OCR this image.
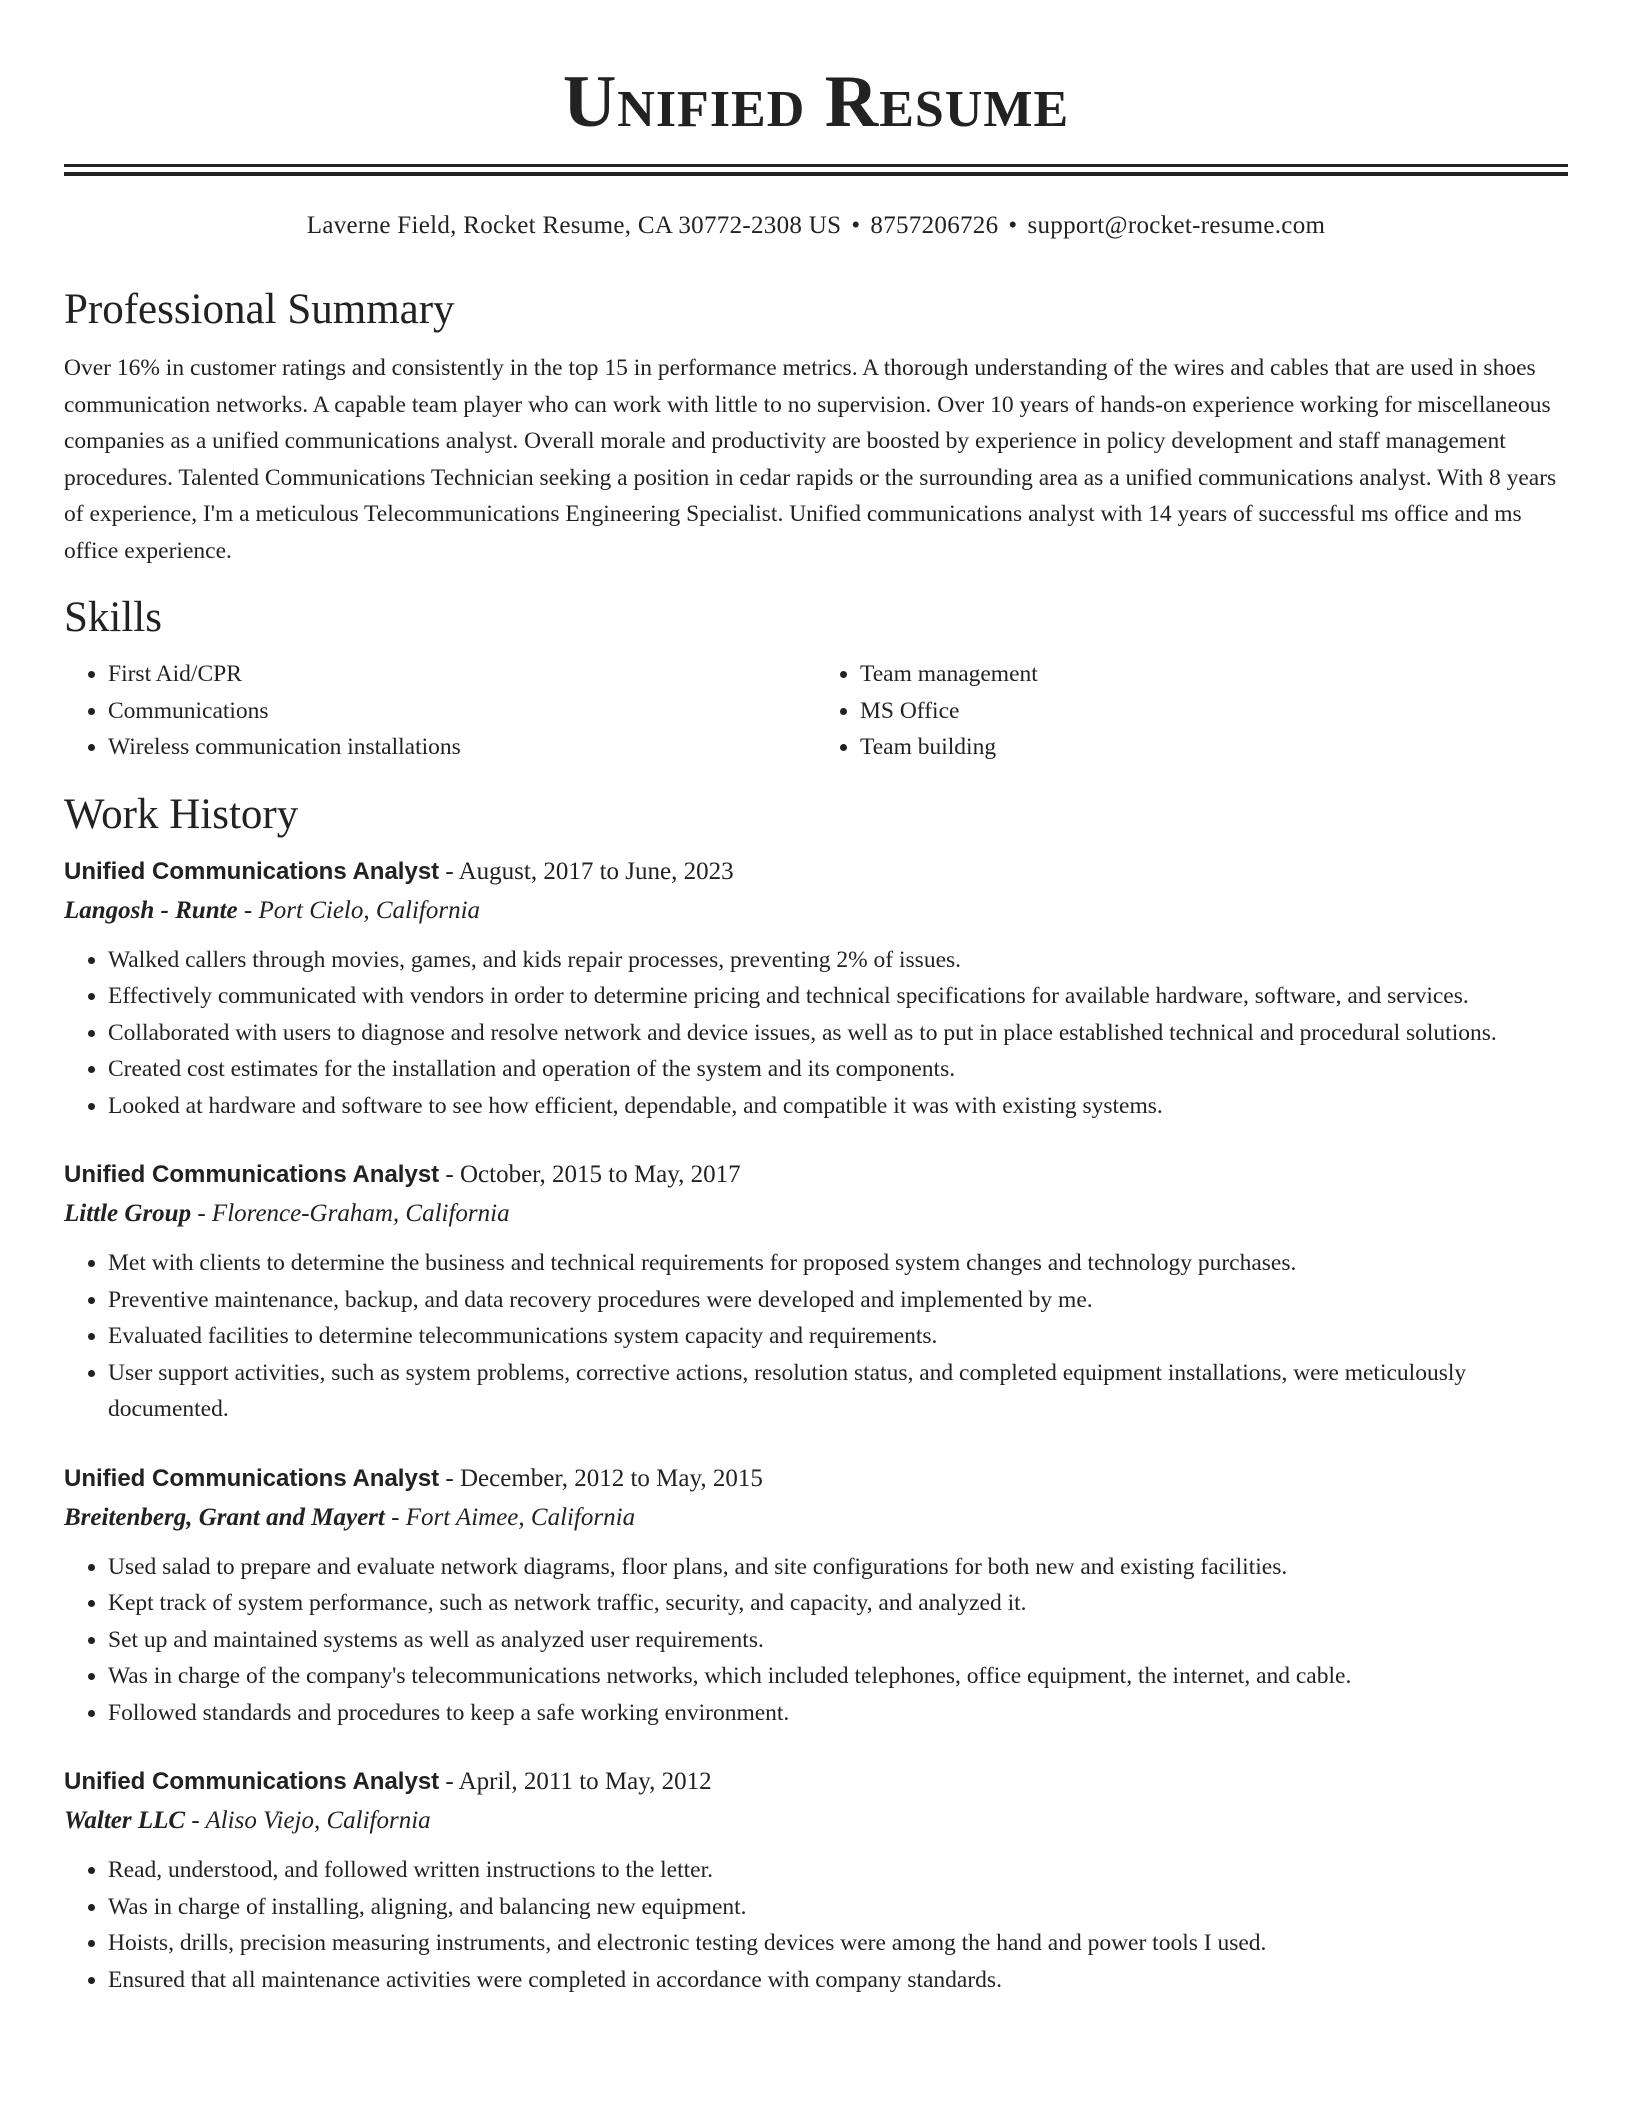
Unified Resume
Laverne Field, Rocket Resume, CA 30772-2308 US • 8757206726 • support@rocket-resume.com
Professional Summary

Over 16% in customer ratings and consistently in the top 15 in performance metrics. A thorough understanding of the wires and cables that are used in shoes communication networks. A capable team player who can work with little to no supervision. Over 10 years of hands-on experience working for miscellaneous companies as a unified communications analyst. Overall morale and productivity are boosted by experience in policy development and staff management procedures. Talented Communications Technician seeking a position in cedar rapids or the surrounding area as a unified communications analyst. With 8 years of experience, I'm a meticulous Telecommunications Engineering Specialist. Unified communications analyst with 14 years of successful ms office and ms office experience.

Skills
• First Aid/CPR
• Communications
• Wireless communication installations
• Team management
• MS Office
• Team building
Work History
Unified Communications Analyst - August, 2017 to June, 2023
Langosh - Runte - Port Cielo, California
• Walked callers through movies, games, and kids repair processes, preventing 2% of issues.
• Effectively communicated with vendors in order to determine pricing and technical specifications for available hardware, software, and services.
• Collaborated with users to diagnose and resolve network and device issues, as well as to put in place established technical and procedural solutions.
• Created cost estimates for the installation and operation of the system and its components.
• Looked at hardware and software to see how efficient, dependable, and compatible it was with existing systems.
Unified Communications Analyst - October, 2015 to May, 2017
Little Group - Florence-Graham, California
• Met with clients to determine the business and technical requirements for proposed system changes and technology purchases.
• Preventive maintenance, backup, and data recovery procedures were developed and implemented by me.
• Evaluated facilities to determine telecommunications system capacity and requirements.
• User support activities, such as system problems, corrective actions, resolution status, and completed equipment installations, were meticulously documented.
Unified Communications Analyst - December, 2012 to May, 2015
Breitenberg, Grant and Mayert - Fort Aimee, California
• Used salad to prepare and evaluate network diagrams, floor plans, and site configurations for both new and existing facilities.
• Kept track of system performance, such as network traffic, security, and capacity, and analyzed it.
• Set up and maintained systems as well as analyzed user requirements.
• Was in charge of the company's telecommunications networks, which included telephones, office equipment, the internet, and cable.
• Followed standards and procedures to keep a safe working environment.
Unified Communications Analyst - April, 2011 to May, 2012
Walter LLC - Aliso Viejo, California
• Read, understood, and followed written instructions to the letter.
• Was in charge of installing, aligning, and balancing new equipment.
• Hoists, drills, precision measuring instruments, and electronic testing devices were among the hand and power tools I used.
• Ensured that all maintenance activities were completed in accordance with company standards.
